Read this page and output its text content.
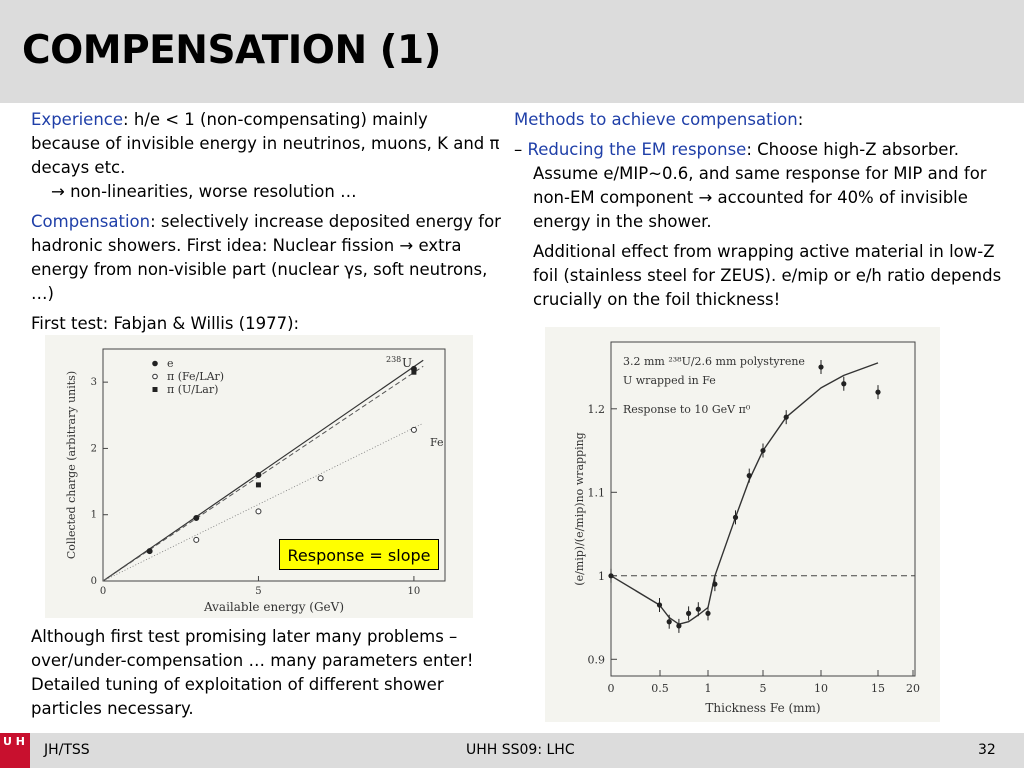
COMPENSATION (1)

Experience: h/e < 1 (non-compensating) mainly because of invisible energy in neutrinos, muons, K and π decays etc.

→ non-linearities, worse resolution …

Compensation: selectively increase deposited energy for hadronic showers. First idea: Nuclear fission → extra energy from non-visible part (nuclear γs, soft neutrons, …)

First test: Fabjan & Willis (1977):

0	5	10
0
1
2
3
Available energy (GeV)
Collected charge (arbitrary units)
e
π (Fe/LAr)
π (U/Lar)
238 U
Fe
Response = slope
Although first test promising later many problems – over/under-compensation … many parameters enter! Detailed tuning of exploitation of different shower particles necessary.

Methods to achieve compensation:

– Reducing the EM response: Choose high-Z absorber. Assume e/MIP~0.6, and same response for MIP and for non-EM component → accounted for 40% of invisible energy in the shower.

Additional effect from wrapping active material in low-Z foil (stainless steel for ZEUS). e/mip or e/h ratio depends crucially on the foil thickness!

0	0.5	1	5	10	15 20
0.9
1
1.1
1.2
Thickness Fe (mm)
(e/mip)/(e/mip)no wrapping
3.2 mm ²³⁸U/2.6 mm polystyrene
U wrapped in Fe
Response to 10 GeV π⁰
JH/TSS	UHH SS09: LHC	32
U H
